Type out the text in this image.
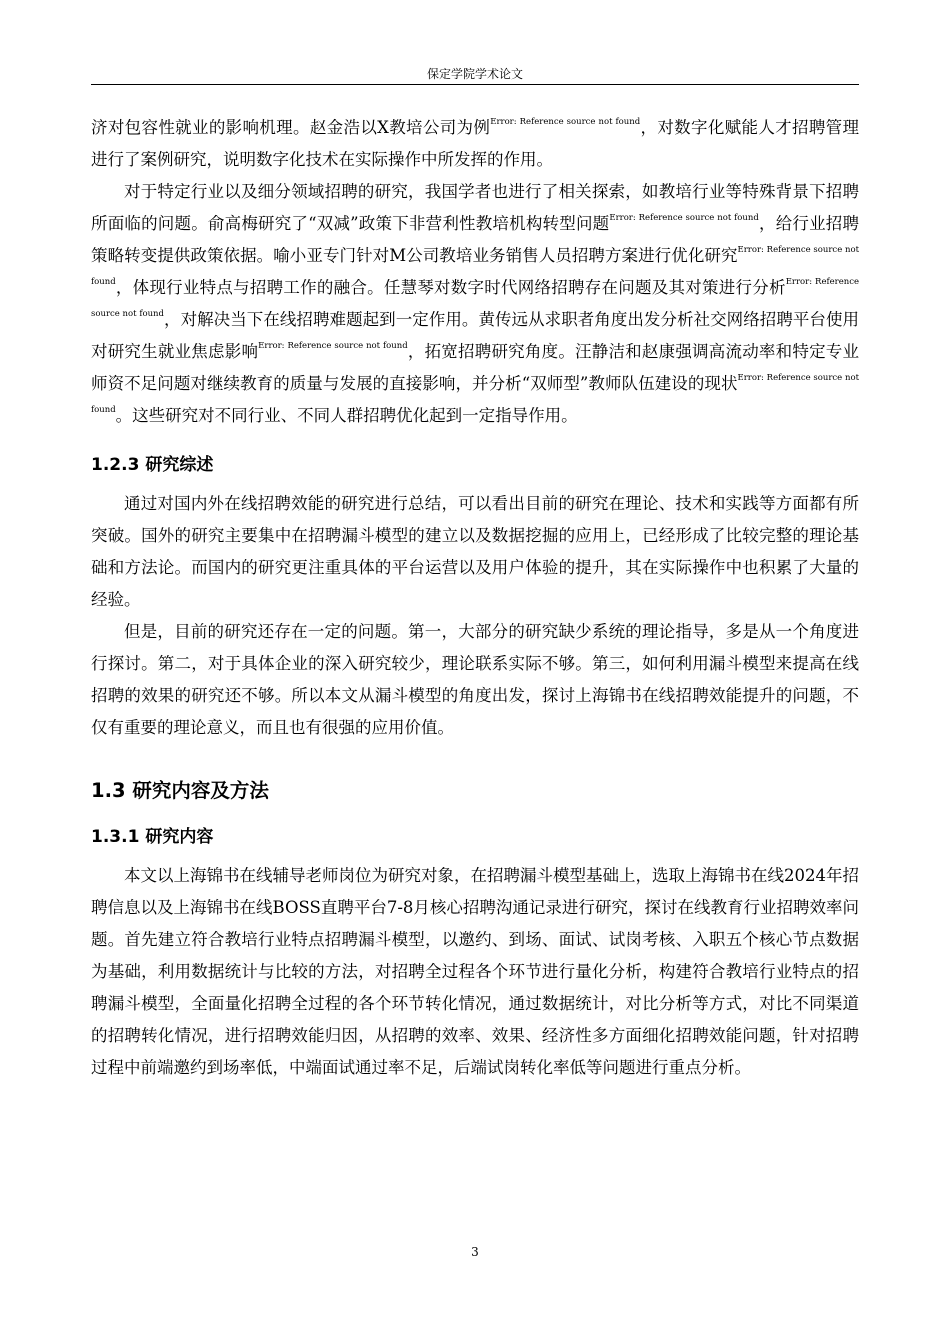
保定学院学术论文

济对包容性就业的影响机理。赵金浩以X教培公司为例$^{Error: Reference source not found}$，对数字化赋能人才招聘管理进行了案例研究，说明数字化技术在实际操作中所发挥的作用。

对于特定行业以及细分领域招聘的研究，我国学者也进行了相关探索，如教培行业等特殊背景下招聘所面临的问题。俞高梅研究了“双减”政策下非营利性教培机构转型问题$^{Error: Reference source not found}$，给行业招聘策略转变提供政策依据。喻小亚专门针对M公司教培业务销售人员招聘方案进行优化研究$^{Error: Reference source not found}$，体现行业特点与招聘工作的融合。任慧琴对数字时代网络招聘存在问题及其对策进行分析$^{Error: Reference source not found}$，对解决当下在线招聘难题起到一定作用。黄传远从求职者角度出发分析社交网络招聘平台使用对研究生就业焦虑影响$^{Error: Reference source not found}$，拓宽招聘研究角度。汪静洁和赵康强调高流动率和特定专业师资不足问题对继续教育的质量与发展的直接影响，并分析“双师型”教师队伍建设的现状$^{Error: Reference source not found}$。这些研究对不同行业、不同人群招聘优化起到一定指导作用。

1.2.3 研究综述

通过对国内外在线招聘效能的研究进行总结，可以看出目前的研究在理论、技术和实践等方面都有所突破。国外的研究主要集中在招聘漏斗模型的建立以及数据挖掘的应用上，已经形成了比较完整的理论基础和方法论。而国内的研究更注重具体的平台运营以及用户体验的提升，其在实际操作中也积累了大量的经验。

但是，目前的研究还存在一定的问题。第一，大部分的研究缺少系统的理论指导，多是从一个角度进行探讨。第二，对于具体企业的深入研究较少，理论联系实际不够。第三，如何利用漏斗模型来提高在线招聘的效果的研究还不够。所以本文从漏斗模型的角度出发，探讨上海锦书在线招聘效能提升的问题，不仅有重要的理论意义，而且也有很强的应用价值。

1.3 研究内容及方法
1.3.1 研究内容

本文以上海锦书在线辅导老师岗位为研究对象，在招聘漏斗模型基础上，选取上海锦书在线2024年招聘信息以及上海锦书在线BOSS直聘平台7-8月核心招聘沟通记录进行研究，探讨在线教育行业招聘效率问题。首先建立符合教培行业特点招聘漏斗模型，以邀约、到场、面试、试岗考核、入职五个核心节点数据为基础，利用数据统计与比较的方法，对招聘全过程各个环节进行量化分析，构建符合教培行业特点的招聘漏斗模型，全面量化招聘全过程的各个环节转化情况，通过数据统计，对比分析等方式，对比不同渠道的招聘转化情况，进行招聘效能归因，从招聘的效率、效果、经济性多方面细化招聘效能问题，针对招聘过程中前端邀约到场率低，中端面试通过率不足，后端试岗转化率低等问题进行重点分析。

3
